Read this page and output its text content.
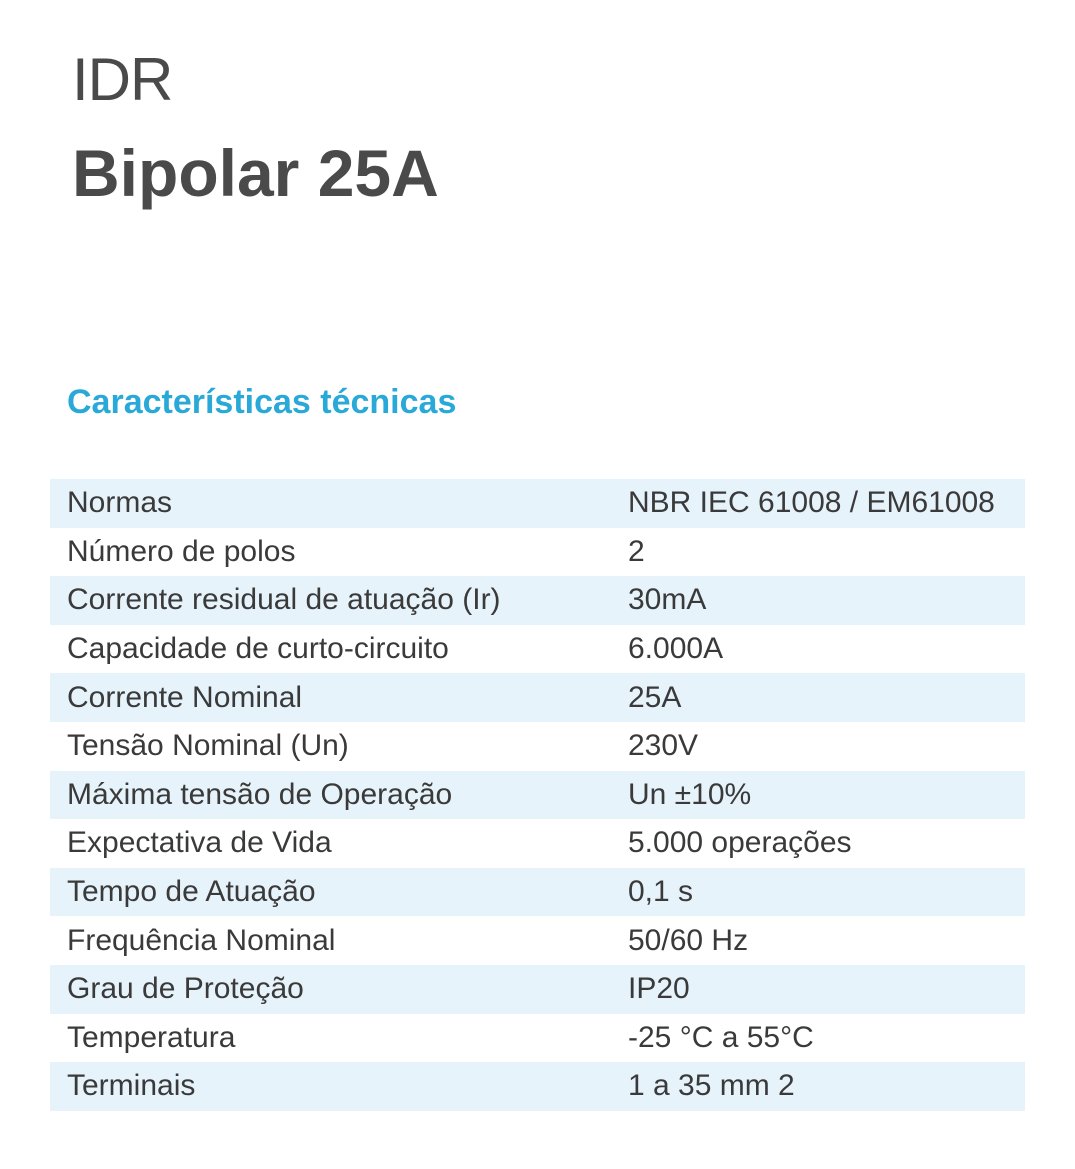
IDR
Bipolar 25A
Características técnicas
Normas	NBR IEC 61008 / EM61008
Número de polos	2
Corrente residual de atuação (Ir)	30mA
Capacidade de curto-circuito	6.000A
Corrente Nominal	25A
Tensão Nominal (Un)	230V
Máxima tensão de Operação	Un ±10%
Expectativa de Vida	5.000 operações
Tempo de Atuação	0,1 s
Frequência Nominal	50/60 Hz
Grau de Proteção	IP20
Temperatura	-25 °C a 55°C
Terminais	1 a 35 mm 2
